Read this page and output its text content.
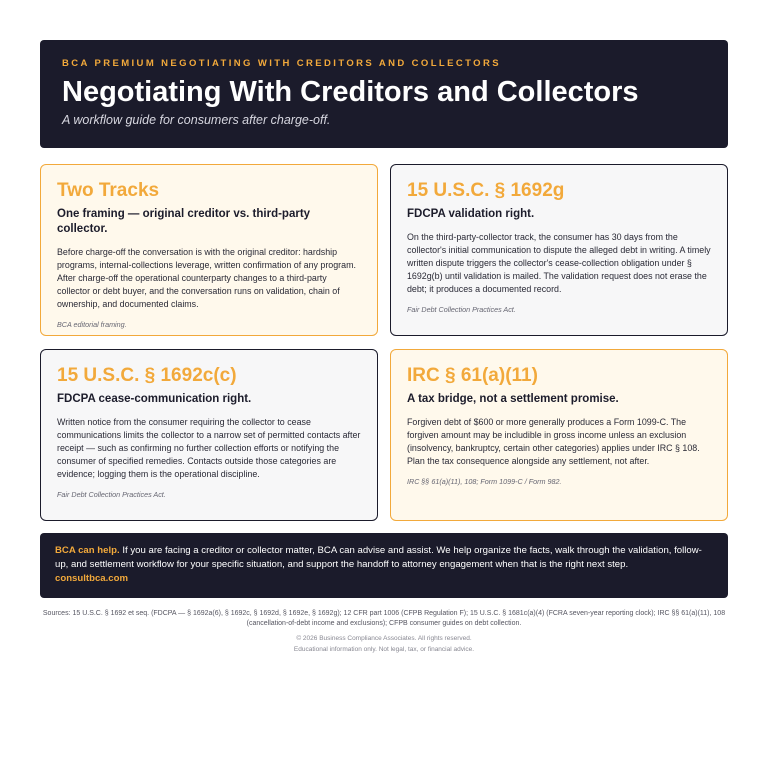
BCA PREMIUM NEGOTIATING WITH CREDITORS AND COLLECTORS
Negotiating With Creditors and Collectors
A workflow guide for consumers after charge-off.
Two Tracks
One framing — original creditor vs. third-party collector.

Before charge-off the conversation is with the original creditor: hardship programs, internal-collections leverage, written confirmation of any program. After charge-off the operational counterparty changes to a third-party collector or debt buyer, and the conversation runs on validation, chain of ownership, and documented claims.

BCA editorial framing.

15 U.S.C. § 1692g
FDCPA validation right.

On the third-party-collector track, the consumer has 30 days from the collector's initial communication to dispute the alleged debt in writing. A timely written dispute triggers the collector's cease-collection obligation under § 1692g(b) until validation is mailed. The validation request does not erase the debt; it produces a documented record.

Fair Debt Collection Practices Act.

15 U.S.C. § 1692c(c)
FDCPA cease-communication right.

Written notice from the consumer requiring the collector to cease communications limits the collector to a narrow set of permitted contacts after receipt — such as confirming no further collection efforts or notifying the consumer of specified remedies. Contacts outside those categories are evidence; logging them is the operational discipline.

Fair Debt Collection Practices Act.

IRC § 61(a)(11)
A tax bridge, not a settlement promise.

Forgiven debt of $600 or more generally produces a Form 1099-C. The forgiven amount may be includible in gross income unless an exclusion (insolvency, bankruptcy, certain other categories) applies under IRC § 108. Plan the tax consequence alongside any settlement, not after.

IRC §§ 61(a)(11), 108; Form 1099-C / Form 982.

BCA can help. If you are facing a creditor or collector matter, BCA can advise and assist. We help organize the facts, walk through the validation, follow-up, and settlement workflow for your specific situation, and support the handoff to attorney engagement when that is the right next step.
consultbca.com
Sources: 15 U.S.C. § 1692 et seq. (FDCPA — § 1692a(6), § 1692c, § 1692d, § 1692e, § 1692g); 12 CFR part 1006 (CFPB Regulation F); 15 U.S.C. § 1681c(a)(4) (FCRA seven-year reporting clock); IRC §§ 61(a)(11), 108 (cancellation-of-debt income and exclusions); CFPB consumer guides on debt collection.
© 2026 Business Compliance Associates. All rights reserved.
Educational information only. Not legal, tax, or financial advice.
